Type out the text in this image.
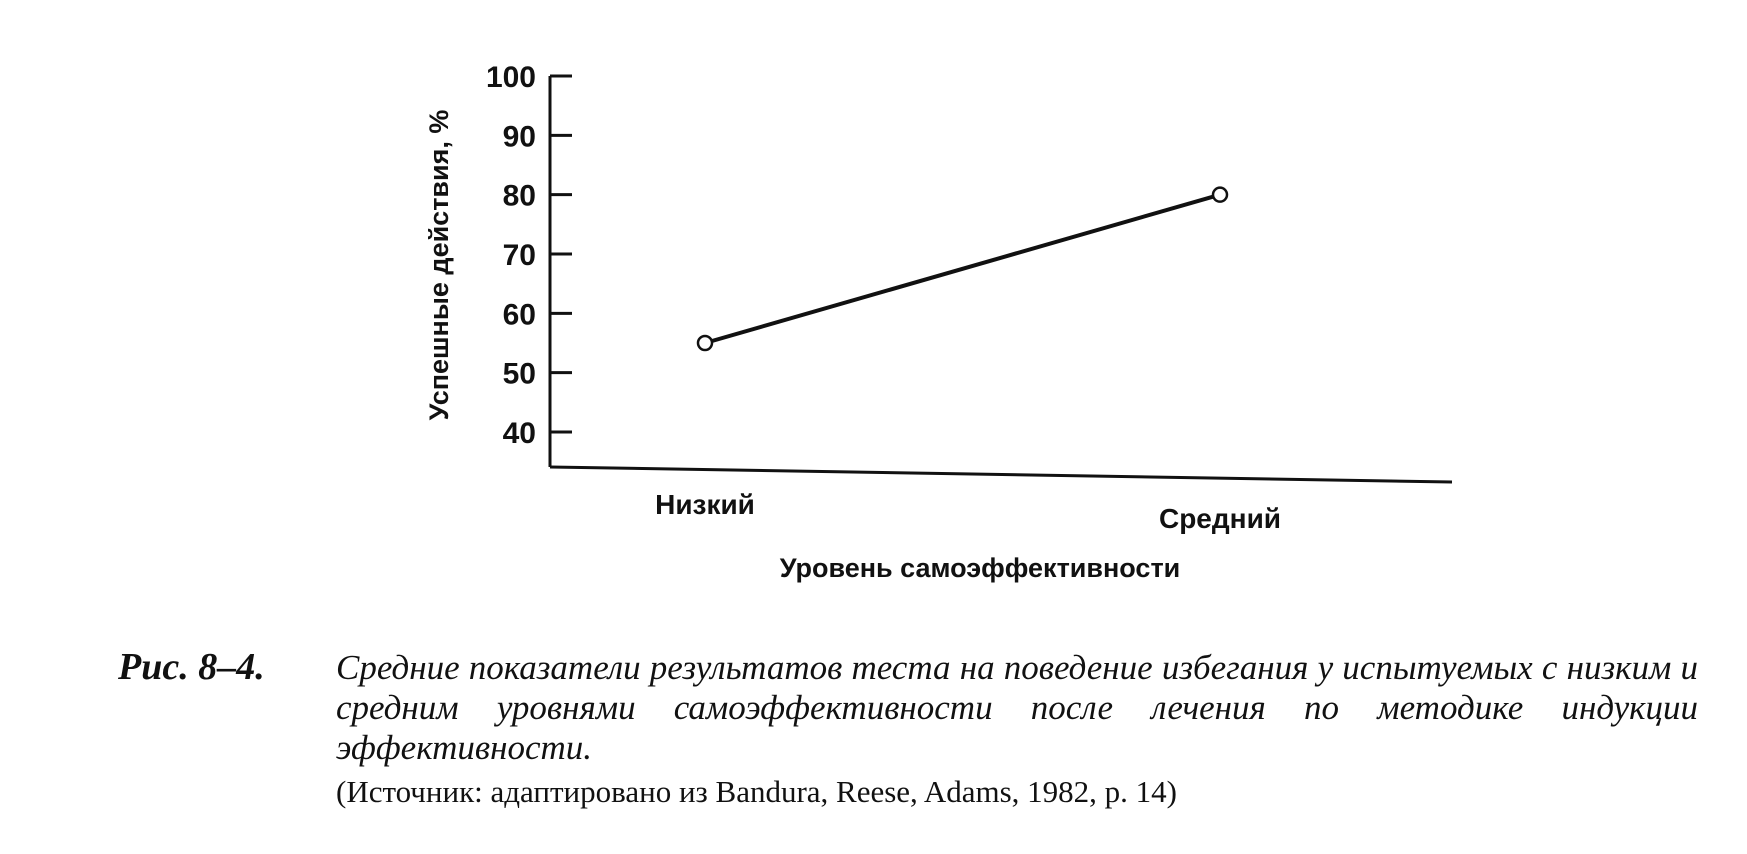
40
50
60
70
80
90
100
Низкий	Средний
Успешные действия, %
Уровень самоэффективности
Рис. 8–4.	Средние показатели результатов теста на поведение избегания у испытуемых с низким и средним уровнями самоэффективности после лечения по методике индукции эффективности.
(Источник: адаптировано из Bandura, Reese, Adams, 1982, p. 14)
